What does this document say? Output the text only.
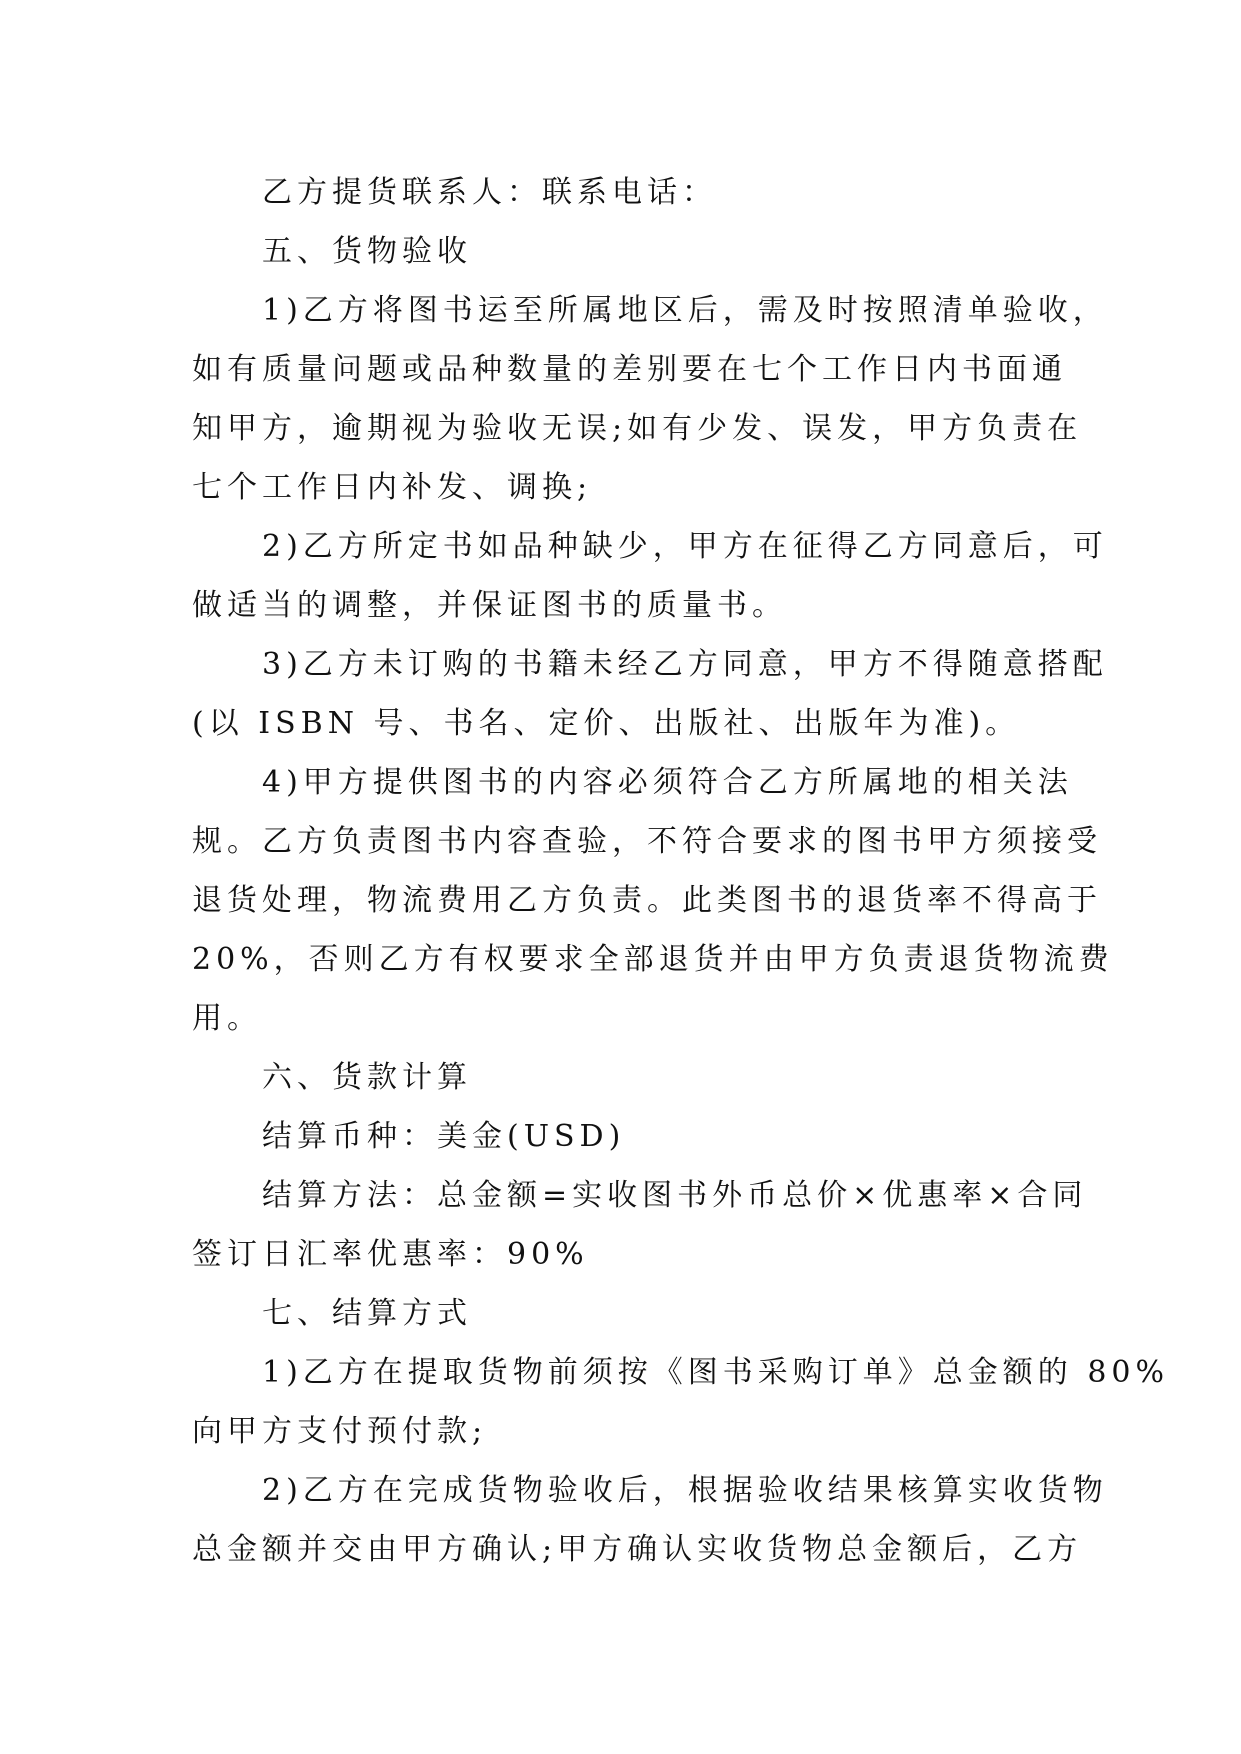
乙方提货联系人：联系电话：
五、货物验收
1)乙方将图书运至所属地区后，需及时按照清单验收，
如有质量问题或品种数量的差别要在七个工作日内书面通
知甲方，逾期视为验收无误;如有少发、误发，甲方负责在
七个工作日内补发、调换;
2)乙方所定书如品种缺少，甲方在征得乙方同意后，可
做适当的调整，并保证图书的质量书。
3)乙方未订购的书籍未经乙方同意，甲方不得随意搭配
(以 ISBN 号、书名、定价、出版社、出版年为准)。
4)甲方提供图书的内容必须符合乙方所属地的相关法
规。乙方负责图书内容查验，不符合要求的图书甲方须接受
退货处理，物流费用乙方负责。此类图书的退货率不得高于
20%，否则乙方有权要求全部退货并由甲方负责退货物流费
用。
六、货款计算
结算币种：美金(USD)
结算方法：总金额=实收图书外币总价×优惠率×合同
签订日汇率优惠率：90%
七、结算方式
1)乙方在提取货物前须按《图书采购订单》总金额的 80%
向甲方支付预付款;
2)乙方在完成货物验收后，根据验收结果核算实收货物
总金额并交由甲方确认;甲方确认实收货物总金额后，乙方
